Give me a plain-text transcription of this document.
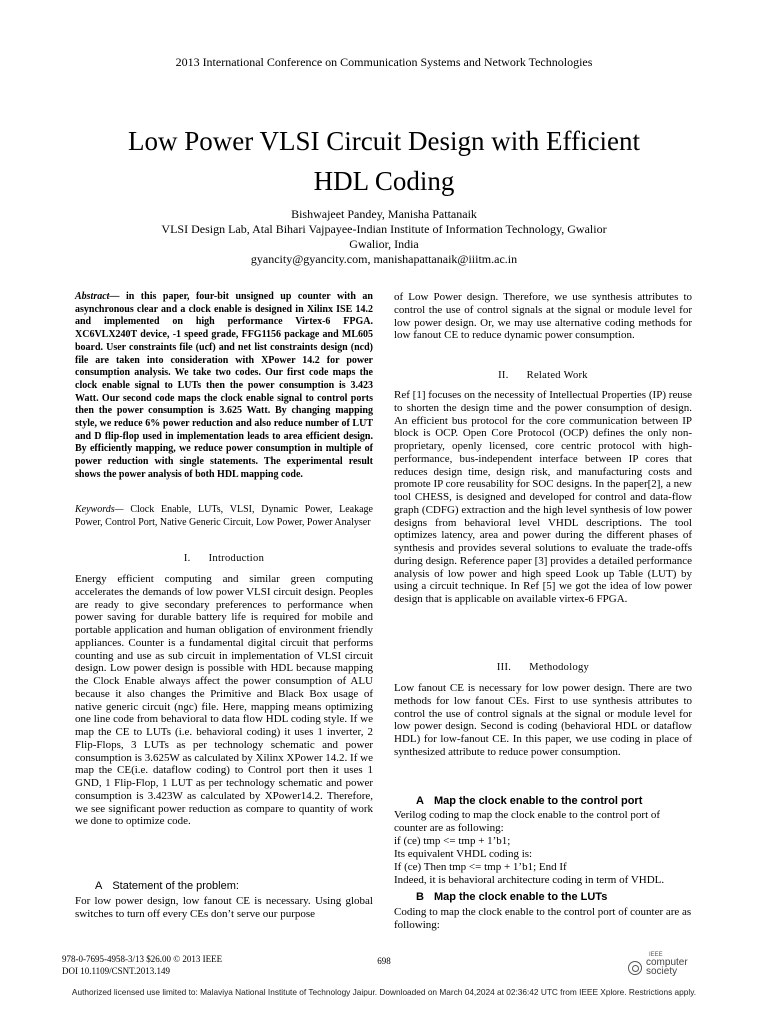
2013 International Conference on Communication Systems and Network Technologies
Low Power VLSI Circuit Design with Efficient
HDL Coding
Bishwajeet Pandey, Manisha Pattanaik
VLSI Design Lab, Atal Bihari Vajpayee-Indian Institute of Information Technology, Gwalior
Gwalior, India
gyancity@gyancity.com, manishapattanaik@iiitm.ac.in
Abstract— in this paper, four-bit unsigned up counter with an asynchronous clear and a clock enable is designed in Xilinx ISE 14.2 and implemented on high performance Virtex-6 FPGA. XC6VLX240T device, -1 speed grade, FFG1156 package and ML605 board. User constraints file (ucf) and net list constraints design (ncd) file are taken into consideration with XPower 14.2 for power consumption analysis. We take two codes. Our first code maps the clock enable signal to LUTs then the power consumption is 3.423 Watt. Our second code maps the clock enable signal to control ports then the power consumption is 3.625 Watt. By changing mapping style, we reduce 6% power reduction and also reduce number of LUT and D flip-flop used in implementation leads to area efficient design. By efficiently mapping, we reduce power consumption in multiple of power reduction with single statements. The experimental result shows the power analysis of both HDL mapping code.
Keywords— Clock Enable, LUTs, VLSI, Dynamic Power, Leakage Power, Control Port, Native Generic Circuit, Low Power, Power Analyser
I. Introduction
Energy efficient computing and similar green computing accelerates the demands of low power VLSI circuit design. Peoples are ready to give secondary preferences to performance when power saving for durable battery life is required for mobile and portable application and human obligation of environment friendly appliances. Counter is a fundamental digital circuit that performs counting and use as sub circuit in implementation of VLSI circuit design. Low power design is possible with HDL because mapping the Clock Enable always affect the power consumption of ALU because it also changes the Primitive and Black Box usage of native generic circuit (ngc) file. Here, mapping means optimizing one line code from behavioral to data flow HDL coding style. If we map the CE to LUTs (i.e. behavioral coding) it uses 1 inverter, 2 Flip-Flops, 3 LUTs as per technology schematic and power consumption is 3.625W as calculated by Xilinx XPower 14.2. If we map the CE(i.e. dataflow coding) to Control port then it uses 1 GND, 1 Flip-Flop, 1 LUT as per technology schematic and power consumption is 3.423W as calculated by XPower14.2. Therefore, we see significant power reduction as compare to quantity of work we done to optimize code.
A Statement of the problem:
For low power design, low fanout CE is necessary. Using global switches to turn off every CEs don’t serve our purpose
of Low Power design. Therefore, we use synthesis attributes to control the use of control signals at the signal or module level for low power design. Or, we may use alternative coding methods for low fanout CE to reduce dynamic power consumption.
II. Related Work
Ref [1] focuses on the necessity of Intellectual Properties (IP) reuse to shorten the design time and the power consumption of design. An efficient bus protocol for the core communication between IP block is OCP. Open Core Protocol (OCP) defines the only non-proprietary, openly licensed, core centric protocol with high-performance, bus-independent interface between IP cores that reduces design time, design risk, and manufacturing costs and promote IP core reusability for SOC designs. In the paper[2], a new tool CHESS, is designed and developed for control and data-flow graph (CDFG) extraction and the high level synthesis of low power designs from behavioral level VHDL descriptions. The tool optimizes latency, area and power during the different phases of synthesis and provides several solutions to evaluate the trade-offs during design. Reference paper [3] provides a detailed performance analysis of low power and high speed Look up Table (LUT) by using a circuit technique. In Ref [5] we got the idea of low power design that is applicable on available virtex-6 FPGA.
III. Methodology
Low fanout CE is necessary for low power design. There are two methods for low fanout CEs. First to use synthesis attributes to control the use of control signals at the signal or module level for low power design. Second is coding (behavioral HDL or dataflow HDL) for low-fanout CE. In this paper, we use coding in place of synthesized attribute to reduce power consumption.
A Map the clock enable to the control port
Verilog coding to map the clock enable to the control port of counter are as following:
if (ce) tmp <= tmp + 1’b1;
Its equivalent VHDL coding is:
If (ce) Then tmp <= tmp + 1’b1; End If
Indeed, it is behavioral architecture coding in term of VHDL.
B Map the clock enable to the LUTs
Coding to map the clock enable to the control port of counter are as following:
978-0-7695-4958-3/13 $26.00 © 2013 IEEE
DOI 10.1109/CSNT.2013.149
698
IEEE
computer
society
Authorized licensed use limited to: Malaviya National Institute of Technology Jaipur. Downloaded on March 04,2024 at 02:36:42 UTC from IEEE Xplore. Restrictions apply.
